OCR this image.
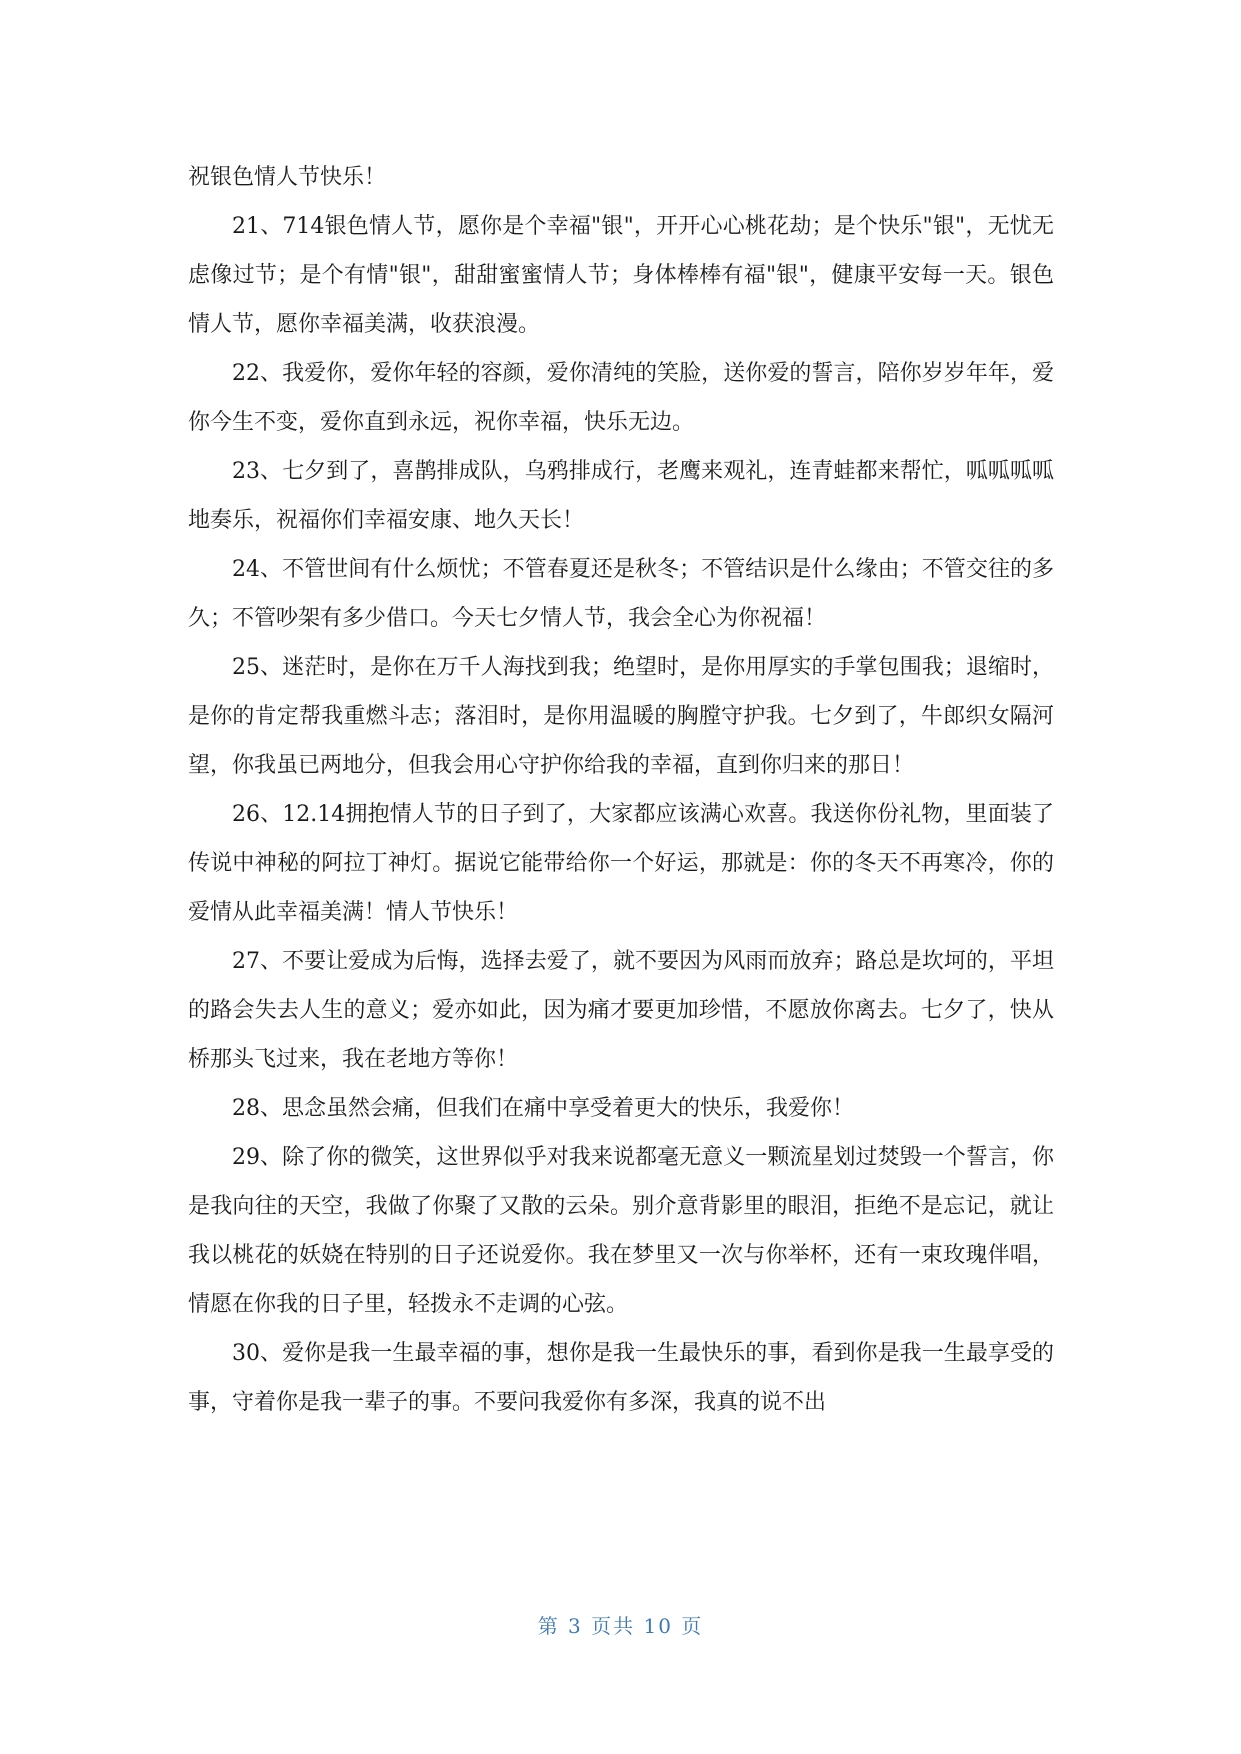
祝银色情人节快乐！

21、714银色情人节，愿你是个幸福"银"，开开心心桃花劫；是个快乐"银"，无忧无虑像过节；是个有情"银"，甜甜蜜蜜情人节；身体棒棒有福"银"，健康平安每一天。银色情人节，愿你幸福美满，收获浪漫。

22、我爱你，爱你年轻的容颜，爱你清纯的笑脸，送你爱的誓言，陪你岁岁年年，爱你今生不变，爱你直到永远，祝你幸福，快乐无边。

23、七夕到了，喜鹊排成队，乌鸦排成行，老鹰来观礼，连青蛙都来帮忙，呱呱呱呱地奏乐，祝福你们幸福安康、地久天长！

24、不管世间有什么烦忧；不管春夏还是秋冬；不管结识是什么缘由；不管交往的多久；不管吵架有多少借口。今天七夕情人节，我会全心为你祝福！

25、迷茫时，是你在万千人海找到我；绝望时，是你用厚实的手掌包围我；退缩时，是你的肯定帮我重燃斗志；落泪时，是你用温暖的胸膛守护我。七夕到了，牛郎织女隔河望，你我虽已两地分，但我会用心守护你给我的幸福，直到你归来的那日！

26、12.14拥抱情人节的日子到了，大家都应该满心欢喜。我送你份礼物，里面装了传说中神秘的阿拉丁神灯。据说它能带给你一个好运，那就是：你的冬天不再寒冷，你的爱情从此幸福美满！情人节快乐！

27、不要让爱成为后悔，选择去爱了，就不要因为风雨而放弃；路总是坎坷的，平坦的路会失去人生的意义；爱亦如此，因为痛才要更加珍惜，不愿放你离去。七夕了，快从桥那头飞过来，我在老地方等你！

28、思念虽然会痛，但我们在痛中享受着更大的快乐，我爱你！

29、除了你的微笑，这世界似乎对我来说都毫无意义一颗流星划过焚毁一个誓言，你是我向往的天空，我做了你聚了又散的云朵。别介意背影里的眼泪，拒绝不是忘记，就让我以桃花的妖娆在特别的日子还说爱你。我在梦里又一次与你举杯，还有一束玫瑰伴唱，情愿在你我的日子里，轻拨永不走调的心弦。

30、爱你是我一生最幸福的事，想你是我一生最快乐的事，看到你是我一生最享受的事，守着你是我一辈子的事。不要问我爱你有多深，我真的说不出

第 3 页共 10 页
